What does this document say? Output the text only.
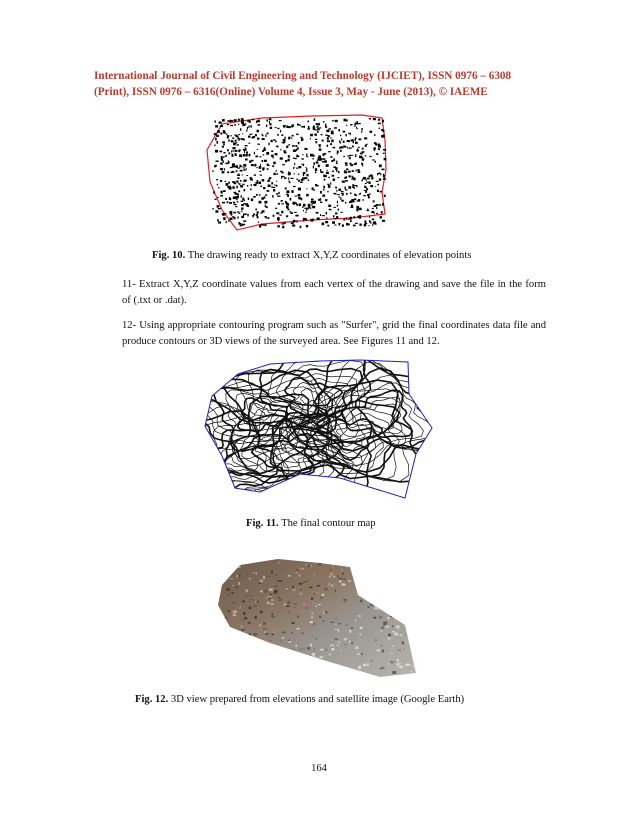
International Journal of Civil Engineering and Technology (IJCIET), ISSN 0976 – 6308
(Print), ISSN 0976 – 6316(Online) Volume 4, Issue 3, May - June (2013), © IAEME
Fig. 10. The drawing ready to extract X,Y,Z coordinates of elevation points
11- Extract X,Y,Z coordinate values from each vertex of the drawing and save the file in the form of (.txt or .dat).
12- Using appropriate contouring program such as "Surfer", grid the final coordinates data file and produce contours or 3D views of the surveyed area. See Figures 11 and 12.
Fig. 11. The final contour map
Fig. 12. 3D view prepared from elevations and satellite image (Google Earth)
164
